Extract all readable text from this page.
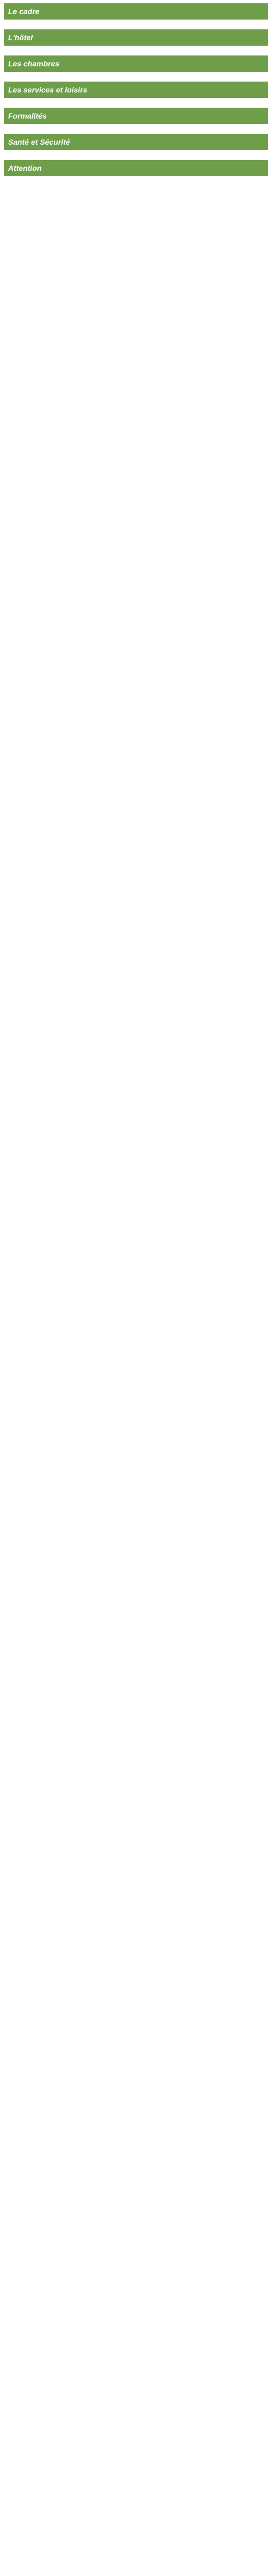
Le cadre

L'hôtel

Les chambres

Les services et loisirs

Formalités

Santé et Sécurité

Attention
